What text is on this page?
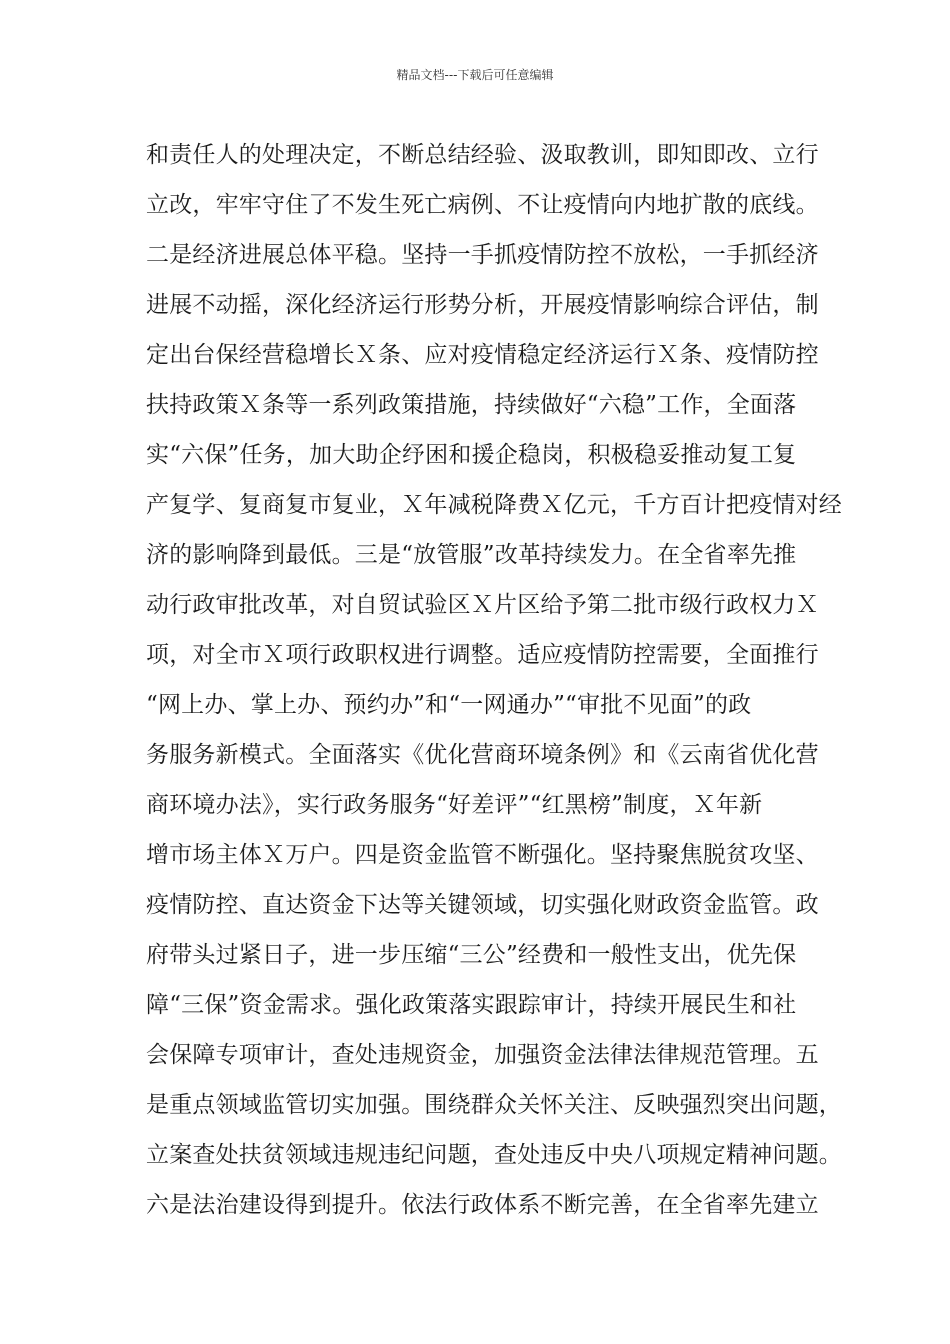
精品文档---下载后可任意编辑
和责任人的处理决定，不断总结经验、汲取教训，即知即改、立行
立改，牢牢守住了不发生死亡病例、不让疫情向内地扩散的底线。
二是经济进展总体平稳。坚持一手抓疫情防控不放松，一手抓经济
进展不动摇，深化经济运行形势分析，开展疫情影响综合评估，制
定出台保经营稳增长Ｘ条、应对疫情稳定经济运行Ｘ条、疫情防控
扶持政策Ｘ条等一系列政策措施，持续做好“六稳”工作，全面落
实“六保”任务，加大助企纾困和援企稳岗，积极稳妥推动复工复
产复学、复商复市复业，Ｘ年减税降费Ｘ亿元，千方百计把疫情对经
济的影响降到最低。三是“放管服”改革持续发力。在全省率先推
动行政审批改革，对自贸试验区Ｘ片区给予第二批市级行政权力Ｘ
项，对全市Ｘ项行政职权进行调整。适应疫情防控需要，全面推行
“网上办、掌上办、预约办”和“一网通办”“审批不见面”的政
务服务新模式。全面落实《优化营商环境条例》和《云南省优化营
商环境办法》，实行政务服务“好差评”“红黑榜”制度，Ｘ年新
增市场主体Ｘ万户。四是资金监管不断强化。坚持聚焦脱贫攻坚、
疫情防控、直达资金下达等关键领域，切实强化财政资金监管。政
府带头过紧日子，进一步压缩“三公”经费和一般性支出，优先保
障“三保”资金需求。强化政策落实跟踪审计，持续开展民生和社
会保障专项审计，查处违规资金，加强资金法律法律规范管理。五
是重点领域监管切实加强。围绕群众关怀关注、反映强烈突出问题，
立案查处扶贫领域违规违纪问题，查处违反中央八项规定精神问题。
六是法治建设得到提升。依法行政体系不断完善，在全省率先建立
